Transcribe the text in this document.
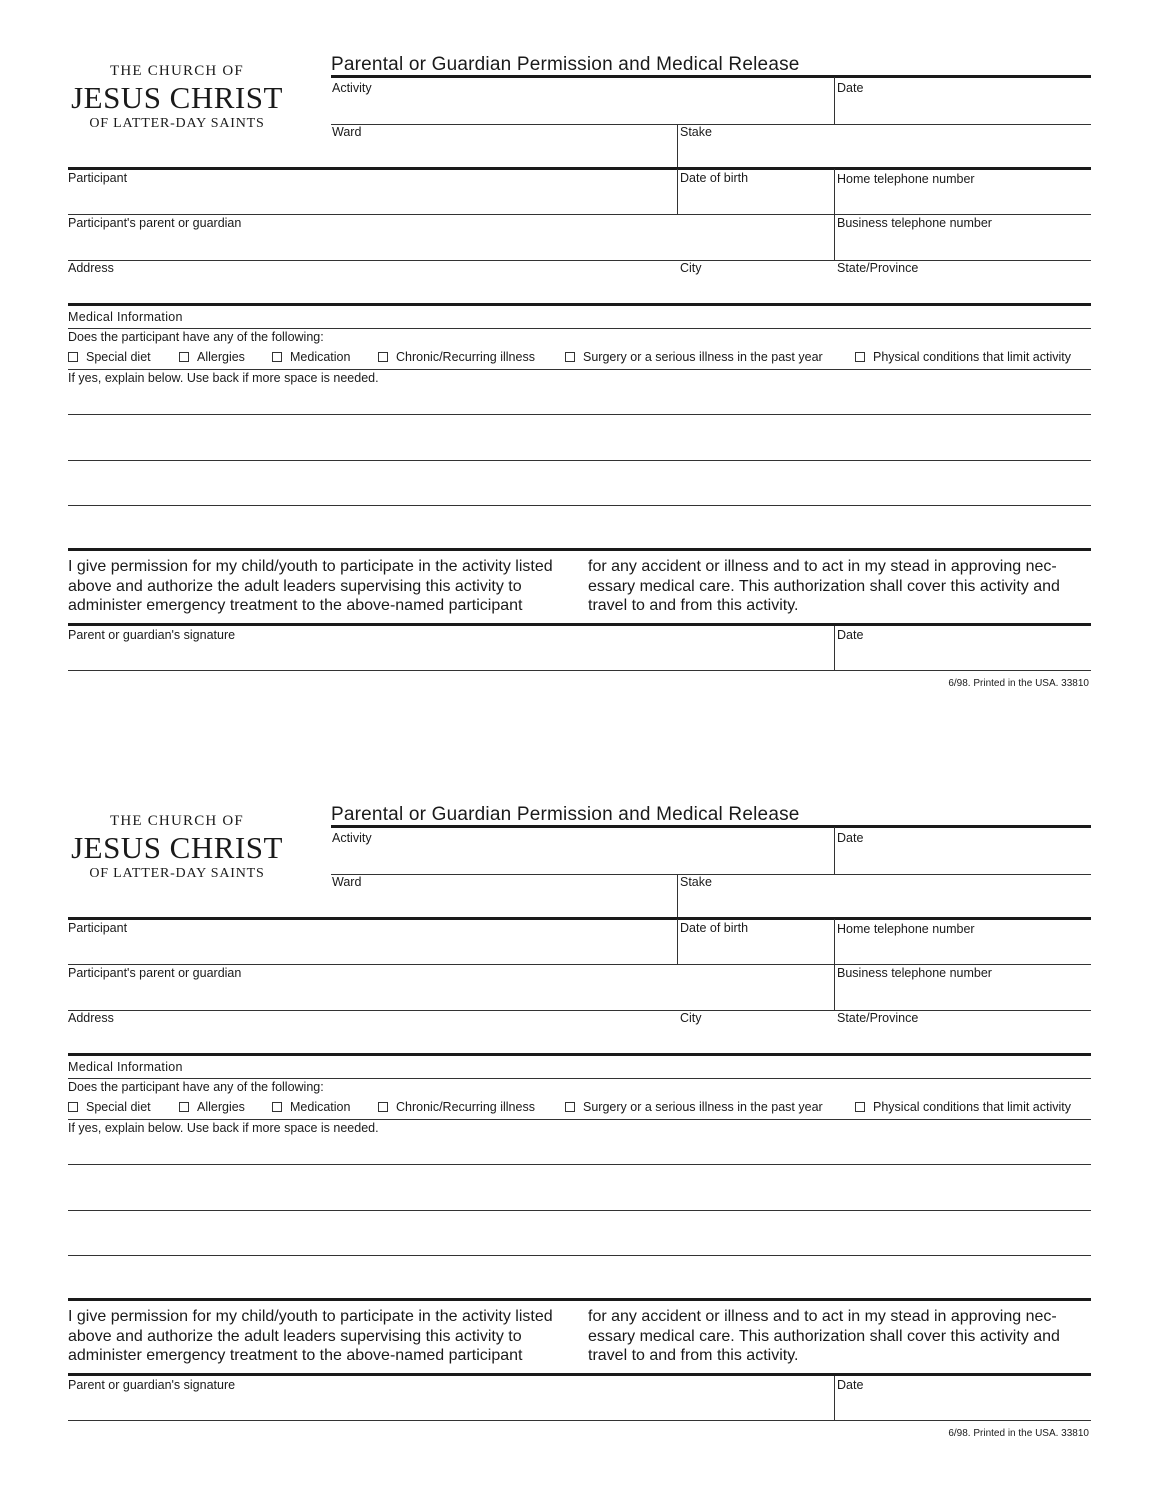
THE CHURCH OF
JESUS CHRIST
OF LATTER-DAY SAINTS
Parental or Guardian Permission and Medical Release
Activity	Date
Ward	Stake
Participant	Date of birth	Home telephone number
Participant's parent or guardian	Business telephone number
Address	City	State/Province
Medical Information
Does the participant have any of the following:
Special diet	Allergies	Medication	Chronic/Recurring illness	Surgery or a serious illness in the past year	Physical conditions that limit activity
If yes, explain below. Use back if more space is needed.
I give permission for my child/youth to participate in the activity listed above and authorize the adult leaders supervising this activity to administer emergency treatment to the above-named participant
for any accident or illness and to act in my stead in approving nec-essary medical care. This authorization shall cover this activity and travel to and from this activity.
Parent or guardian's signature	Date
6/98. Printed in the USA. 33810
THE CHURCH OF
JESUS CHRIST
OF LATTER-DAY SAINTS
Parental or Guardian Permission and Medical Release
Activity	Date
Ward	Stake
Participant	Date of birth	Home telephone number
Participant's parent or guardian	Business telephone number
Address	City	State/Province
Medical Information
Does the participant have any of the following:
Special diet	Allergies	Medication	Chronic/Recurring illness	Surgery or a serious illness in the past year	Physical conditions that limit activity
If yes, explain below. Use back if more space is needed.
I give permission for my child/youth to participate in the activity listed above and authorize the adult leaders supervising this activity to administer emergency treatment to the above-named participant
for any accident or illness and to act in my stead in approving nec-essary medical care. This authorization shall cover this activity and travel to and from this activity.
Parent or guardian's signature	Date
6/98. Printed in the USA. 33810
